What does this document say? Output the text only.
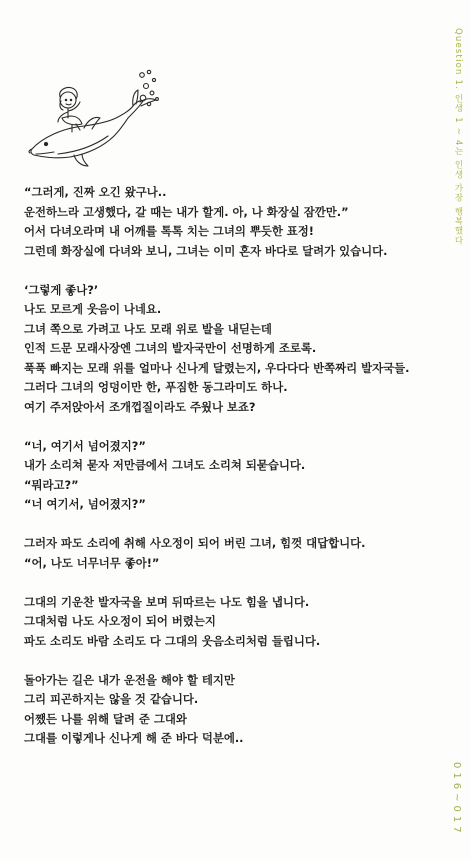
Question 1. 인생 1 ~ 4는 인생 가장 행복했다
“그러게, 진짜 오긴 왔구나..
운전하느라 고생했다, 갈 때는 내가 할게. 아, 나 화장실 잠깐만.”
어서 다녀오라며 내 어깨를 톡톡 치는 그녀의 뿌듯한 표정!
그런데 화장실에 다녀와 보니, 그녀는 이미 혼자 바다로 달려가 있습니다.
‘그렇게 좋나?’
나도 모르게 웃음이 나네요.
그녀 쪽으로 가려고 나도 모래 위로 발을 내딛는데
인적 드문 모래사장엔 그녀의 발자국만이 선명하게 조로록.
푹푹 빠지는 모래 위를 얼마나 신나게 달렸는지, 우다다다 반쪽짜리 발자국들.
그러다 그녀의 엉덩이만 한, 푸짐한 동그라미도 하나.
여기 주저앉아서 조개껍질이라도 주웠나 보죠?
“너, 여기서 넘어졌지?”
내가 소리쳐 묻자 저만큼에서 그녀도 소리쳐 되묻습니다.
“뭐라고?”
“너 여기서, 넘어졌지?”
그러자 파도 소리에 취해 사오정이 되어 버린 그녀, 힘껏 대답합니다.
“어, 나도 너무너무 좋아!”
그대의 기운찬 발자국을 보며 뒤따르는 나도 힘을 냅니다.
그대처럼 나도 사오정이 되어 버렸는지
파도 소리도 바람 소리도 다 그대의 웃음소리처럼 들립니다.
돌아가는 길은 내가 운전을 해야 할 테지만
그리 피곤하지는 않을 것 같습니다.
어쨌든 나를 위해 달려 준 그대와
그대를 이렇게나 신나게 해 준 바다 덕분에..
016~017
